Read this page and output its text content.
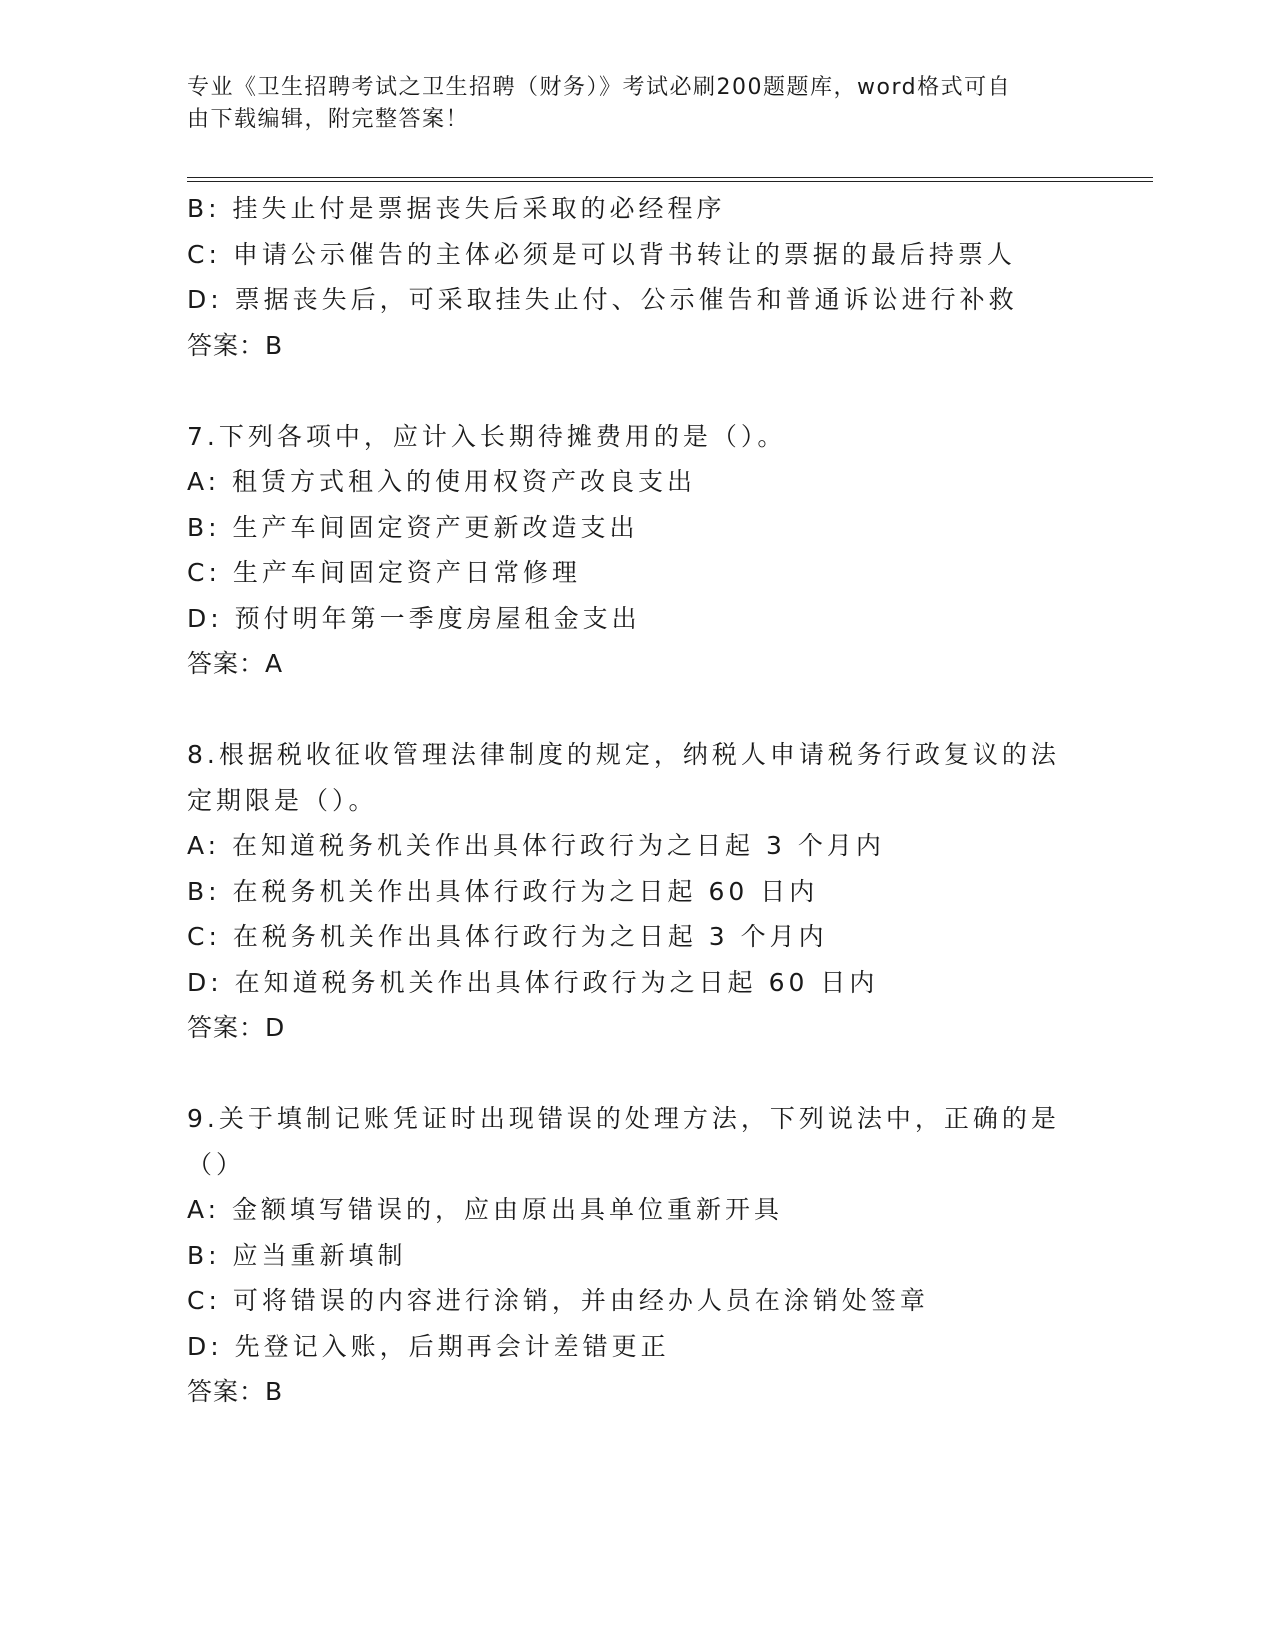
专业《卫生招聘考试之卫生招聘（财务）》考试必刷200题题库，word格式可自
由下载编辑，附完整答案！
B: 挂失止付是票据丧失后采取的必经程序
C: 申请公示催告的主体必须是可以背书转让的票据的最后持票人
D: 票据丧失后，可采取挂失止付、公示催告和普通诉讼进行补救
答案：B
7.下列各项中，应计入长期待摊费用的是（）。
A: 租赁方式租入的使用权资产改良支出
B: 生产车间固定资产更新改造支出
C: 生产车间固定资产日常修理
D: 预付明年第一季度房屋租金支出
答案：A
8.根据税收征收管理法律制度的规定，纳税人申请税务行政复议的法
定期限是（）。
A: 在知道税务机关作出具体行政行为之日起 3 个月内
B: 在税务机关作出具体行政行为之日起 60 日内
C: 在税务机关作出具体行政行为之日起 3 个月内
D: 在知道税务机关作出具体行政行为之日起 60 日内
答案：D
9.关于填制记账凭证时出现错误的处理方法，下列说法中，正确的是
（）
A: 金额填写错误的，应由原出具单位重新开具
B: 应当重新填制
C: 可将错误的内容进行涂销，并由经办人员在涂销处签章
D: 先登记入账，后期再会计差错更正
答案：B
